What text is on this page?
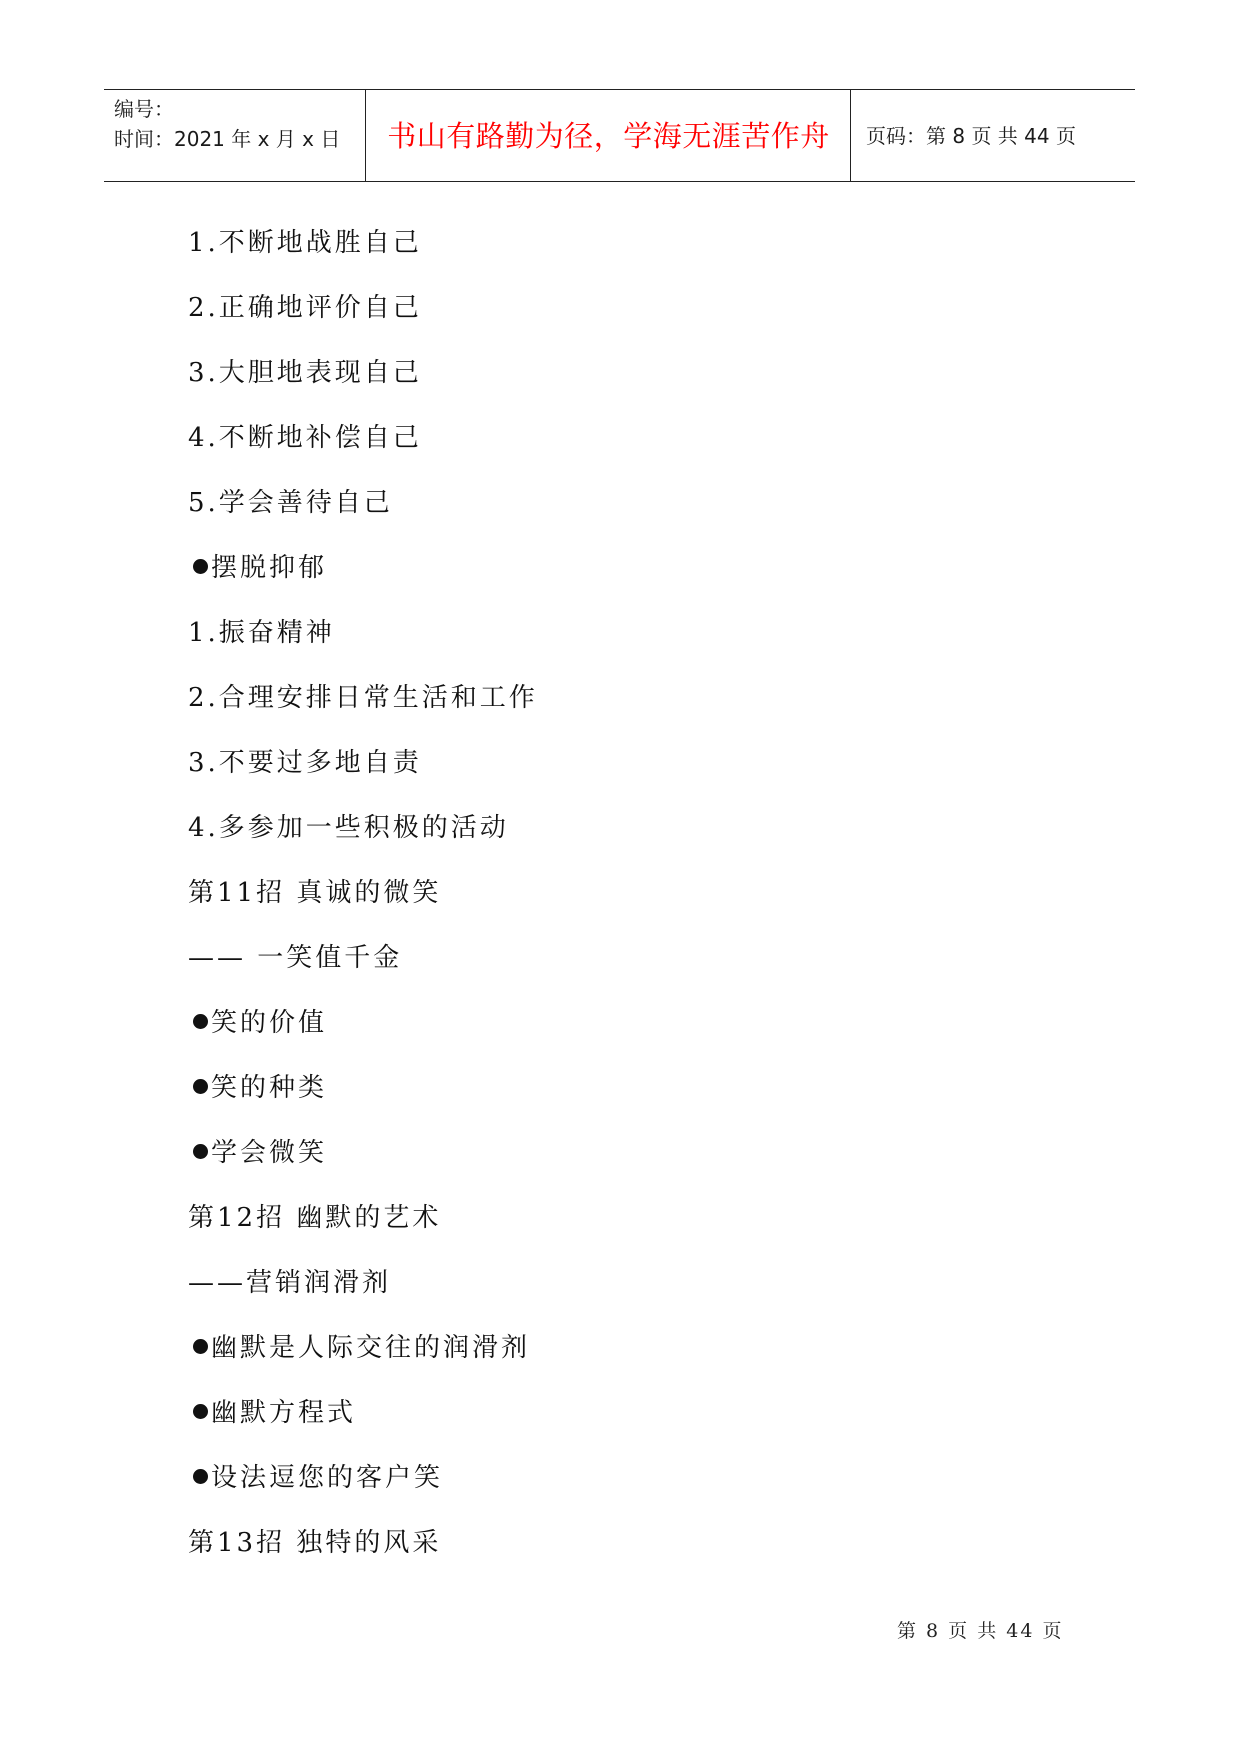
编号：
时间：2021 年 x 月 x 日	书山有路勤为径，学海无涯苦作舟	页码：第 8 页 共 44 页
1.不断地战胜自己
2.正确地评价自己
3.大胆地表现自己
4.不断地补偿自己
5.学会善待自己
摆脱抑郁
1.振奋精神
2.合理安排日常生活和工作
3.不要过多地自责
4.多参加一些积极的活动
第11招 真诚的微笑
—— 一笑值千金
笑的价值
笑的种类
学会微笑
第12招 幽默的艺术
——营销润滑剂
幽默是人际交往的润滑剂
幽默方程式
设法逗您的客户笑
第13招 独特的风采
第 8 页 共 44 页
